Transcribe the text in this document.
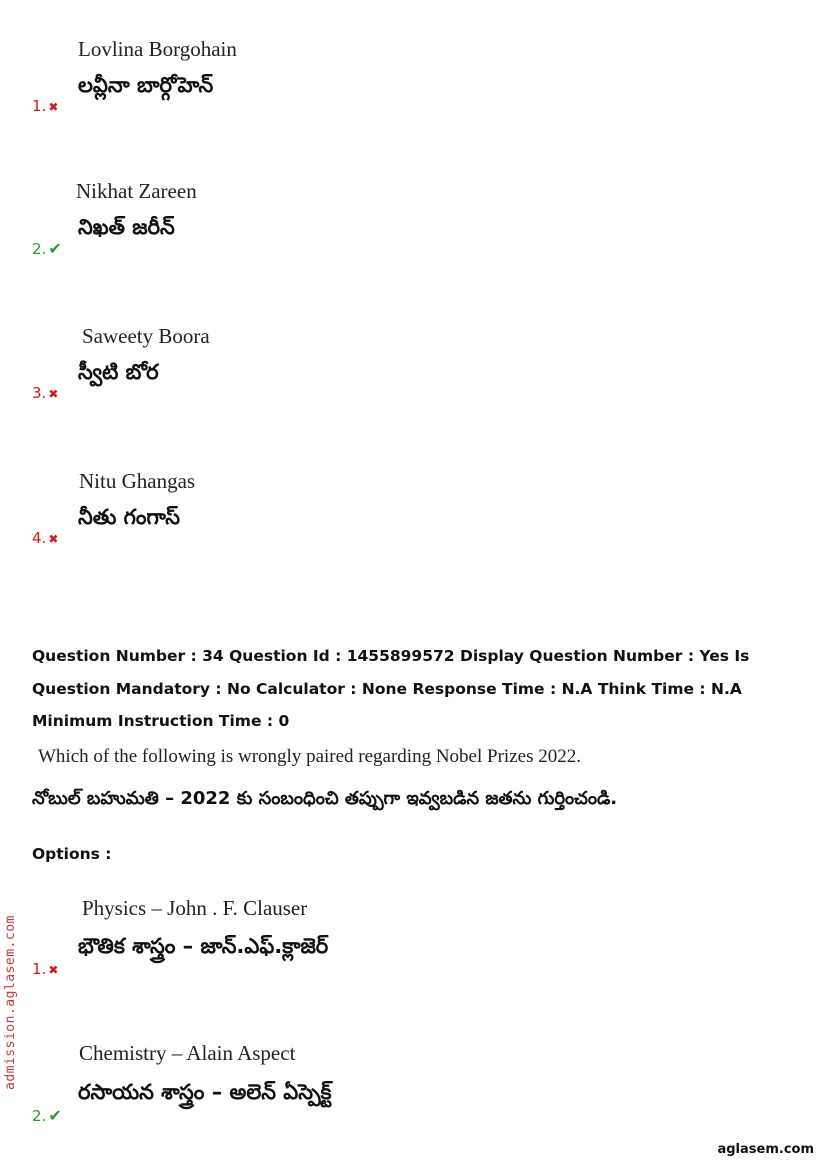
Lovlina Borgohain
లవ్లీనా బార్గోహెన్
1. ✖
Nikhat Zareen
నిఖత్ జరీన్
2. ✔
Saweety Boora
స్వీటి బోర
3. ✖
Nitu Ghangas
నీతు గంగాస్
4. ✖
Question Number : 34 Question Id : 1455899572 Display Question Number : Yes Is Question Mandatory : No Calculator : None Response Time : N.A Think Time : N.A Minimum Instruction Time : 0
Which of the following is wrongly paired regarding Nobel Prizes 2022.
నోబుల్ బహుమతి – 2022 కు సంబంధించి తప్పుగా ఇవ్వబడిన జతను గుర్తించండి.
Options :
Physics – John . F. Clauser
భౌతిక శాస్త్రం – జాన్.ఎఫ్.క్లాజెర్
1. ✖
Chemistry – Alain Aspect
రసాయన శాస్త్రం – అలెన్ ఏస్పెక్ట్
2. ✔
admission.aglasem.com
aglasem.com
